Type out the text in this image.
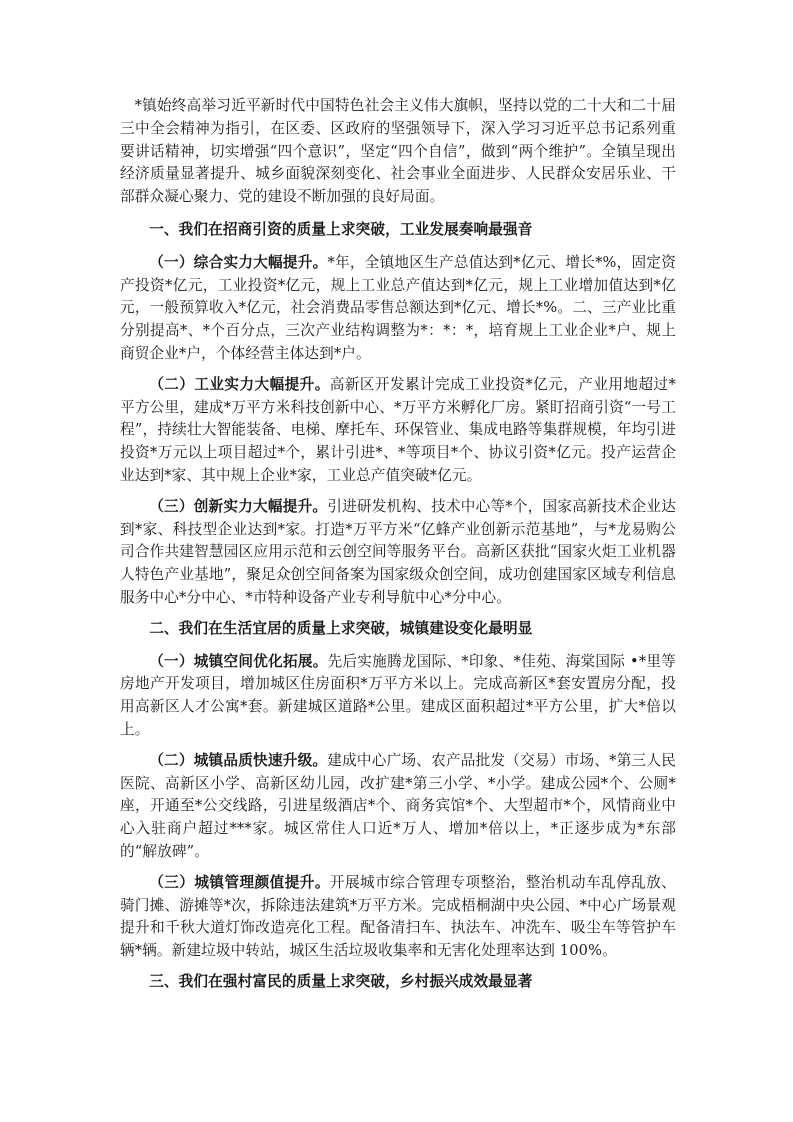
*镇始终高举习近平新时代中国特色社会主义伟大旗帜，坚持以党的二十大和二十届三中全会精神为指引，在区委、区政府的坚强领导下，深入学习习近平总书记系列重要讲话精神，切实增强“四个意识”，坚定“四个自信”，做到“两个维护”。全镇呈现出经济质量显著提升、城乡面貌深刻变化、社会事业全面进步、人民群众安居乐业、干部群众凝心聚力、党的建设不断加强的良好局面。

一、我们在招商引资的质量上求突破，工业发展奏响最强音

（一）综合实力大幅提升。*年，全镇地区生产总值达到*亿元、增长*%，固定资产投资*亿元，工业投资*亿元，规上工业总产值达到*亿元，规上工业增加值达到*亿元，一般预算收入*亿元，社会消费品零售总额达到*亿元、增长*%。二、三产业比重分别提高*、*个百分点，三次产业结构调整为*：*：*，培育规上工业企业*户、规上商贸企业*户，个体经营主体达到*户。

（二）工业实力大幅提升。高新区开发累计完成工业投资*亿元，产业用地超过*平方公里，建成*万平方米科技创新中心、*万平方米孵化厂房。紧盯招商引资“一号工程”，持续壮大智能装备、电梯、摩托车、环保管业、集成电路等集群规模，年均引进投资*万元以上项目超过*个，累计引进*、*等项目*个、协议引资*亿元。投产运营企业达到*家、其中规上企业*家，工业总产值突破*亿元。

（三）创新实力大幅提升。引进研发机构、技术中心等*个，国家高新技术企业达到*家、科技型企业达到*家。打造*万平方米“亿蜂产业创新示范基地”，与*龙易购公司合作共建智慧园区应用示范和云创空间等服务平台。高新区获批“国家火炬工业机器人特色产业基地”，聚足众创空间备案为国家级众创空间，成功创建国家区域专利信息服务中心*分中心、*市特种设备产业专利导航中心*分中心。

二、我们在生活宜居的质量上求突破，城镇建设变化最明显

（一）城镇空间优化拓展。先后实施腾龙国际、*印象、*佳苑、海棠国际 •*里等房地产开发项目，增加城区住房面积*万平方米以上。完成高新区*套安置房分配，投用高新区人才公寓*套。新建城区道路*公里。建成区面积超过*平方公里，扩大*倍以上。

（二）城镇品质快速升级。建成中心广场、农产品批发（交易）市场、*第三人民医院、高新区小学、高新区幼儿园，改扩建*第三小学、*小学。建成公园*个、公厕*座，开通至*公交线路，引进星级酒店*个、商务宾馆*个、大型超市*个，风情商业中心入驻商户超过***家。城区常住人口近*万人、增加*倍以上，*正逐步成为*东部的“解放碑”。

（三）城镇管理颜值提升。开展城市综合管理专项整治，整治机动车乱停乱放、骑门摊、游摊等*次，拆除违法建筑*万平方米。完成梧桐湖中央公园、*中心广场景观提升和千秋大道灯饰改造亮化工程。配备清扫车、执法车、冲洗车、吸尘车等管护车辆*辆。新建垃圾中转站，城区生活垃圾收集率和无害化处理率达到 100%。

三、我们在强村富民的质量上求突破，乡村振兴成效最显著
